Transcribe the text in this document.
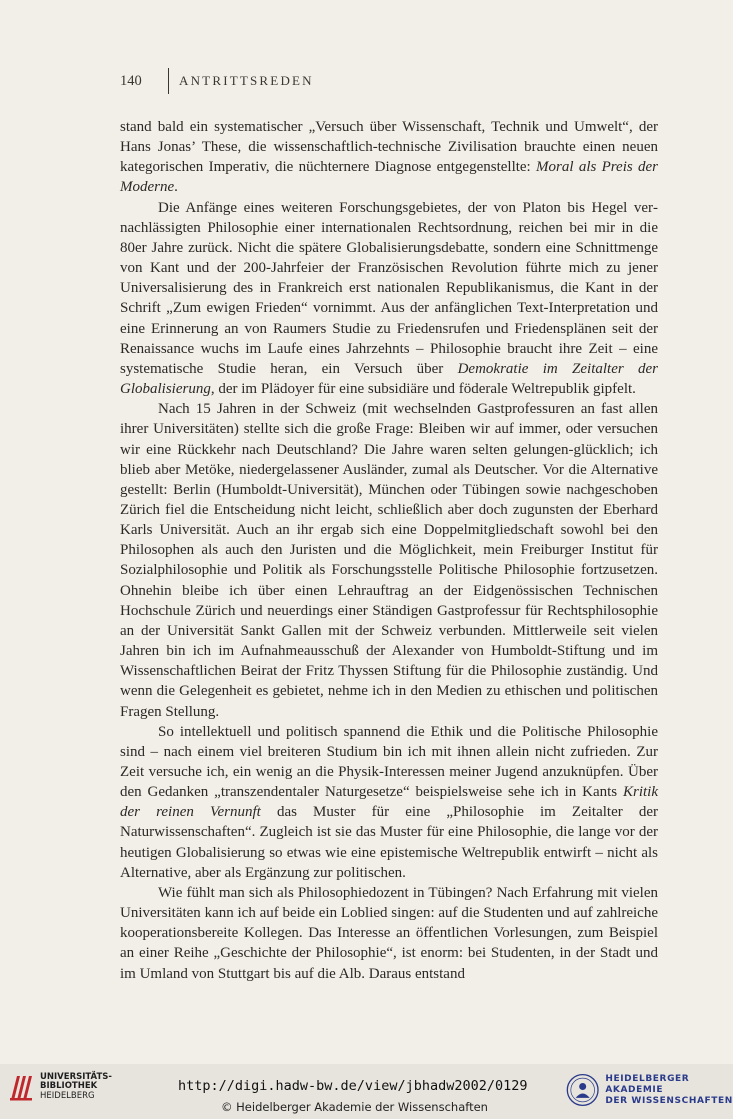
140	ANTRITTSREDEN

stand bald ein systematischer „Versuch über Wissenschaft, Technik und Umwelt“, der Hans Jonas’ These, die wissenschaftlich-technische Zivilisation brauchte einen neuen kategorischen Imperativ, die nüchternere Diagnose entgegenstellte: Moral als Preis der Moderne.

Die Anfänge eines weiteren Forschungsgebietes, der von Platon bis Hegel vernachlässigten Philosophie einer internationalen Rechtsordnung, reichen bei mir in die 80er Jahre zurück. Nicht die spätere Globalisierungsdebatte, sondern eine Schnittmenge von Kant und der 200-Jahrfeier der Französischen Revolution führte mich zu jener Universalisierung des in Frankreich erst nationalen Republikanismus, die Kant in der Schrift „Zum ewigen Frieden“ vornimmt. Aus der anfänglichen Text-Interpretation und eine Erinnerung an von Raumers Studie zu Friedensrufen und Friedensplänen seit der Renaissance wuchs im Laufe eines Jahrzehnts – Philosophie braucht ihre Zeit – eine systematische Studie heran, ein Versuch über Demokratie im Zeitalter der Globalisierung, der im Plädoyer für eine subsidiäre und föderale Weltrepublik gipfelt.

Nach 15 Jahren in der Schweiz (mit wechselnden Gastprofessuren an fast allen ihrer Universitäten) stellte sich die große Frage: Bleiben wir auf immer, oder versuchen wir eine Rückkehr nach Deutschland? Die Jahre waren selten gelungen-glücklich; ich blieb aber Metöke, niedergelassener Ausländer, zumal als Deutscher. Vor die Alternative gestellt: Berlin (Humboldt-Universität), München oder Tübingen sowie nachgeschoben Zürich fiel die Entscheidung nicht leicht, schließlich aber doch zugunsten der Eberhard Karls Universität. Auch an ihr ergab sich eine Doppelmitgliedschaft sowohl bei den Philosophen als auch den Juristen und die Möglichkeit, mein Freiburger Institut für Sozialphilosophie und Politik als Forschungsstelle Politische Philosophie fortzusetzen. Ohnehin bleibe ich über einen Lehrauftrag an der Eidgenössischen Technischen Hochschule Zürich und neuerdings einer Ständigen Gastprofessur für Rechtsphilosophie an der Universität Sankt Gallen mit der Schweiz verbunden. Mittlerweile seit vielen Jahren bin ich im Aufnahmeausschuß der Alexander von Humboldt-Stiftung und im Wissenschaftlichen Beirat der Fritz Thyssen Stiftung für die Philosophie zuständig. Und wenn die Gelegenheit es gebietet, nehme ich in den Medien zu ethischen und politischen Fragen Stellung.

So intellektuell und politisch spannend die Ethik und die Politische Philosophie sind – nach einem viel breiteren Studium bin ich mit ihnen allein nicht zufrieden. Zur Zeit versuche ich, ein wenig an die Physik-Interessen meiner Jugend anzuknüpfen. Über den Gedanken „transzendentaler Naturgesetze“ beispielsweise sehe ich in Kants Kritik der reinen Vernunft das Muster für eine „Philosophie im Zeitalter der Naturwissenschaften“. Zugleich ist sie das Muster für eine Philosophie, die lange vor der heutigen Globalisierung so etwas wie eine epistemische Weltrepublik entwirft – nicht als Alternative, aber als Ergänzung zur politischen.

Wie fühlt man sich als Philosophiedozent in Tübingen? Nach Erfahrung mit vielen Universitäten kann ich auf beide ein Loblied singen: auf die Studenten und auf zahlreiche kooperationsbereite Kollegen. Das Interesse an öffentlichen Vorlesungen, zum Beispiel an einer Reihe „Geschichte der Philosophie“, ist enorm: bei Studenten, in der Stadt und im Umland von Stuttgart bis auf die Alb. Daraus entstand

UNIVERSITÄTS-
BIBLIOTHEK
HEIDELBERG
http://digi.hadw-bw.de/view/jbhadw2002/0129
© Heidelberger Akademie der Wissenschaften
HEIDELBERGER AKADEMIE
DER WISSENSCHAFTEN
